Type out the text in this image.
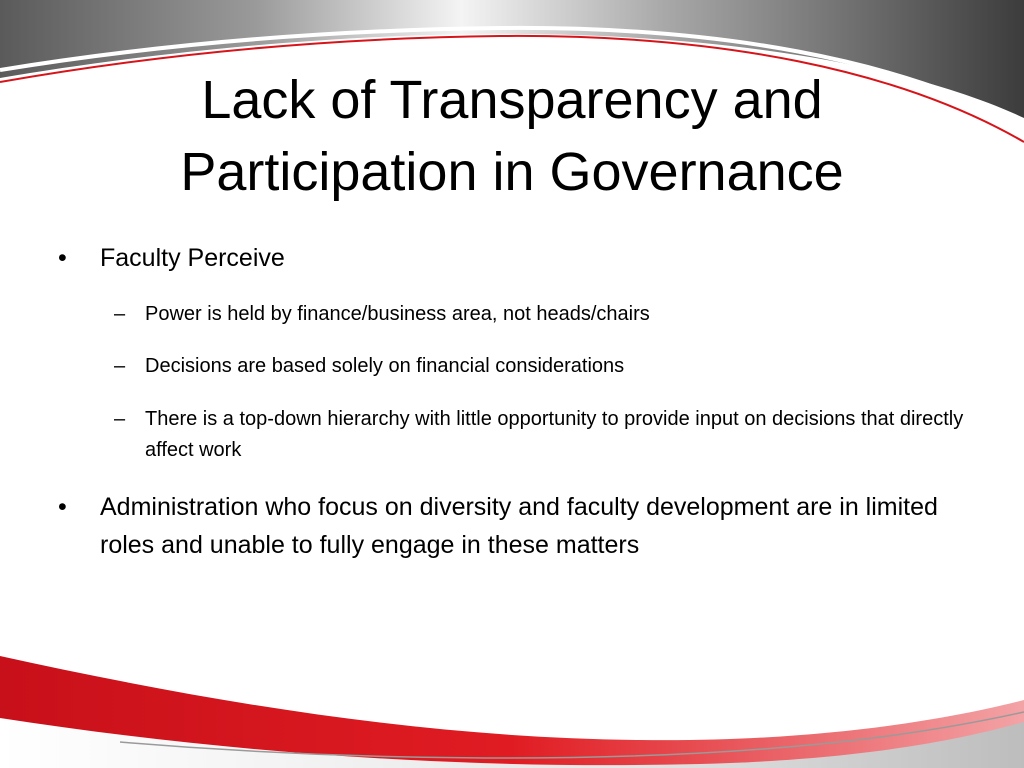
Lack of Transparency and
Participation in Governance

•	Faculty Perceive

– Power is held by finance/business area, not heads/chairs

– Decisions are based solely on financial considerations

– There is a top-down hierarchy with little opportunity to provide input on decisions that directly affect work

•	Administration who focus on diversity and faculty development are in limited roles and unable to fully engage in these matters
